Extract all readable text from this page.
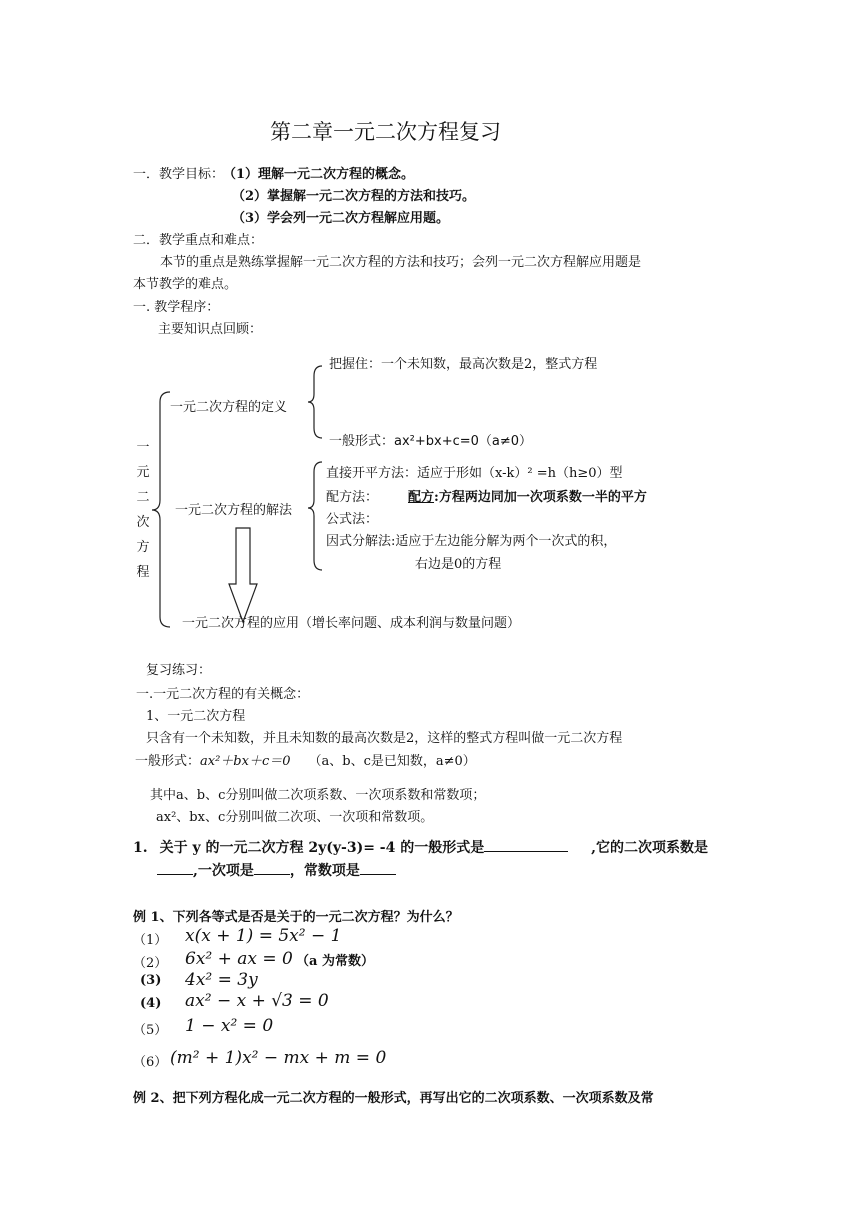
第二章一元二次方程复习
一．教学目标：
（1）理解一元二次方程的概念。
（2）掌握解一元二次方程的方法和技巧。
（3）学会列一元二次方程解应用题。
二．教学重点和难点：
本节的重点是熟练掌握解一元二次方程的方法和技巧；会列一元二次方程解应用题是
本节教学的难点。
一. 教学程序：
主要知识点回顾：
一
元
二
次
方
程
一元二次方程的定义
把握住：一个未知数，最高次数是2，整式方程
一般形式：ax²+bx+c=0（a≠0）
一元二次方程的解法
直接开平方法：适应于形如（x-k）² =h（h≥0）型
配方法： 配方:方程两边同加一次项系数一半的平方
公式法：
因式分解法:适应于左边能分解为两个一次式的积，
右边是0的方程
一元二次方程的应用（增长率问题、成本利润与数量问题）
复习练习：
一.一元二次方程的有关概念：
1、一元二次方程
只含有一个未知数，并且未知数的最高次数是2，这样的整式方程叫做一元二次方程
一般形式：ax²＋bx＋c＝0 （a、b、c是已知数，a≠0）
其中a、b、c分别叫做二次项系数、一次项系数和常数项；
ax²、bx、c分别叫做二次项、一次项和常数项。
1. 关于 y 的一元二次方程 2y(y-3)= -4 的一般形式是	,它的二次项系数是
,一次项是	，常数项是
例 1、下列各等式是否是关于的一元二次方程？为什么？
（1） x(x + 1) = 5x² − 1
（2） 6x² + ax = 0 （a 为常数）
(3) 4x² = 3y
(4) ax² − x + √3 = 0
（5） 1 − x² = 0
（6） (m² + 1)x² − mx + m = 0
例 2、把下列方程化成一元二次方程的一般形式，再写出它的二次项系数、一次项系数及常
